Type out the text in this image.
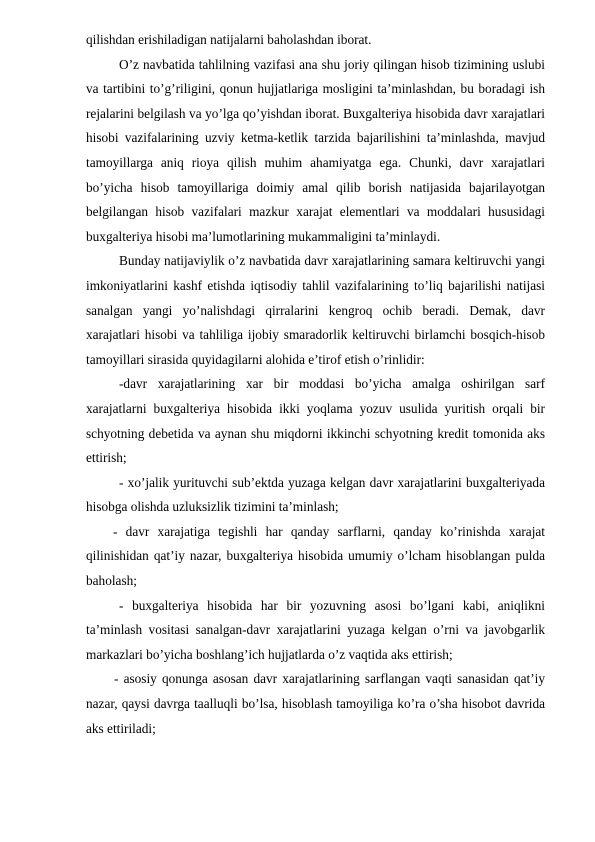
qilishdan erishiladigan natijalarni baholashdan iborat.

O’z navbatida tahlilning vazifasi ana shu joriy qilingan hisob tizimining uslubi va tartibini to’g’riligini, qonun hujjatlariga mosligini ta’minlashdan, bu boradagi ish rejalarini belgilash va yo’lga qo’yishdan iborat. Buxgalteriya hisobida davr xarajatlari hisobi vazifalarining uzviy ketma-ketlik tarzida bajarilishini ta’minlashda, mavjud tamoyillarga aniq rioya qilish muhim ahamiyatga ega. Chunki, davr xarajatlari bo’yicha hisob tamoyillariga doimiy amal qilib borish natijasida bajarilayotgan belgilangan hisob vazifalari mazkur xarajat elementlari va moddalari hususidagi buxgalteriya hisobi ma’lumotlarining mukammaligini ta’minlaydi.

Bunday natijaviylik o’z navbatida davr xarajatlarining samara keltiruvchi yangi imkoniyatlarini kashf etishda iqtisodiy tahlil vazifalarining to’liq bajarilishi natijasi sanalgan yangi yo’nalishdagi qirralarini kengroq ochib beradi. Demak, davr xarajatlari hisobi va tahliliga ijobiy smaradorlik keltiruvchi birlamchi bosqich-hisob tamoyillari sirasida quyidagilarni alohida e’tirof etish o’rinlidir:

-davr xarajatlarining xar bir moddasi bo’yicha amalga oshirilgan sarf xarajatlarni buxgalteriya hisobida ikki yoqlama yozuv usulida yuritish orqali bir schyotning debetida va aynan shu miqdorni ikkinchi schyotning kredit tomonida aks ettirish;

- xo’jalik yurituvchi sub’ektda yuzaga kelgan davr xarajatlarini buxgalteriyada hisobga olishda uzluksizlik tizimini ta’minlash;

- davr xarajatiga tegishli har qanday sarflarni, qanday ko’rinishda xarajat qilinishidan qat’iy nazar, buxgalteriya hisobida umumiy o’lcham hisoblangan pulda baholash;

- buxgalteriya hisobida har bir yozuvning asosi bo’lgani kabi, aniqlikni ta’minlash vositasi sanalgan-davr xarajatlarini yuzaga kelgan o’rni va javobgarlik markazlari bo’yicha boshlang’ich hujjatlarda o’z vaqtida aks ettirish;

- asosiy qonunga asosan davr xarajatlarining sarflangan vaqti sanasidan qat’iy nazar, qaysi davrga taalluqli bo’lsa, hisoblash tamoyiliga ko’ra o’sha hisobot davrida aks ettiriladi;
